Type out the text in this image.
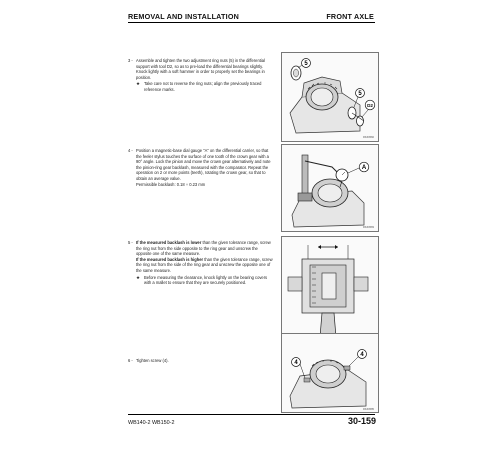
REMOVAL AND INSTALLATION	FRONT AXLE
3 - Assemble and tighten the two adjustment ring nuts (5) in the differential support with tool D2, so as to pre-load the differential bearings slightly. Knock lightly with a soft hammer in order to properly set the bearings in position.

★ Take care not to reverse the ring nuts; align the previously traced reference marks.
5
5
D2
RKZ0582
4 - Position a magnetic-base dial gauge "A" on the differential carrier, so that the feeler stylus touches the surface of one tooth of the crown gear with a 90° angle. Lock the pinion and move the crown gear alternatively and note the pinion-ring gear backlash, measured with the comparator. Repeat the operation on 2 or more points (teeth), rotating the crown gear, so that to obtain an average value.

Permissible backlash: 0.18 ÷ 0.23 mm

A
RKZ0583
5 - If the measured backlash is lower than the given tolerance range, screw the ring nut from the side opposite to the ring gear and unscrew the opposite one of the same measure.

If the measured backlash is higher than the given tolerance range, screw the ring nut from the side of the ring gear and unscrew the opposite one of the same measure.

★ Before measuring the clearance, knock lightly on the bearing covers with a mallet to ensure that they are securely positioned.
6 - Tighten screw (4).	4
4
RKZ0585
WB140-2 WB150-2	30-159
